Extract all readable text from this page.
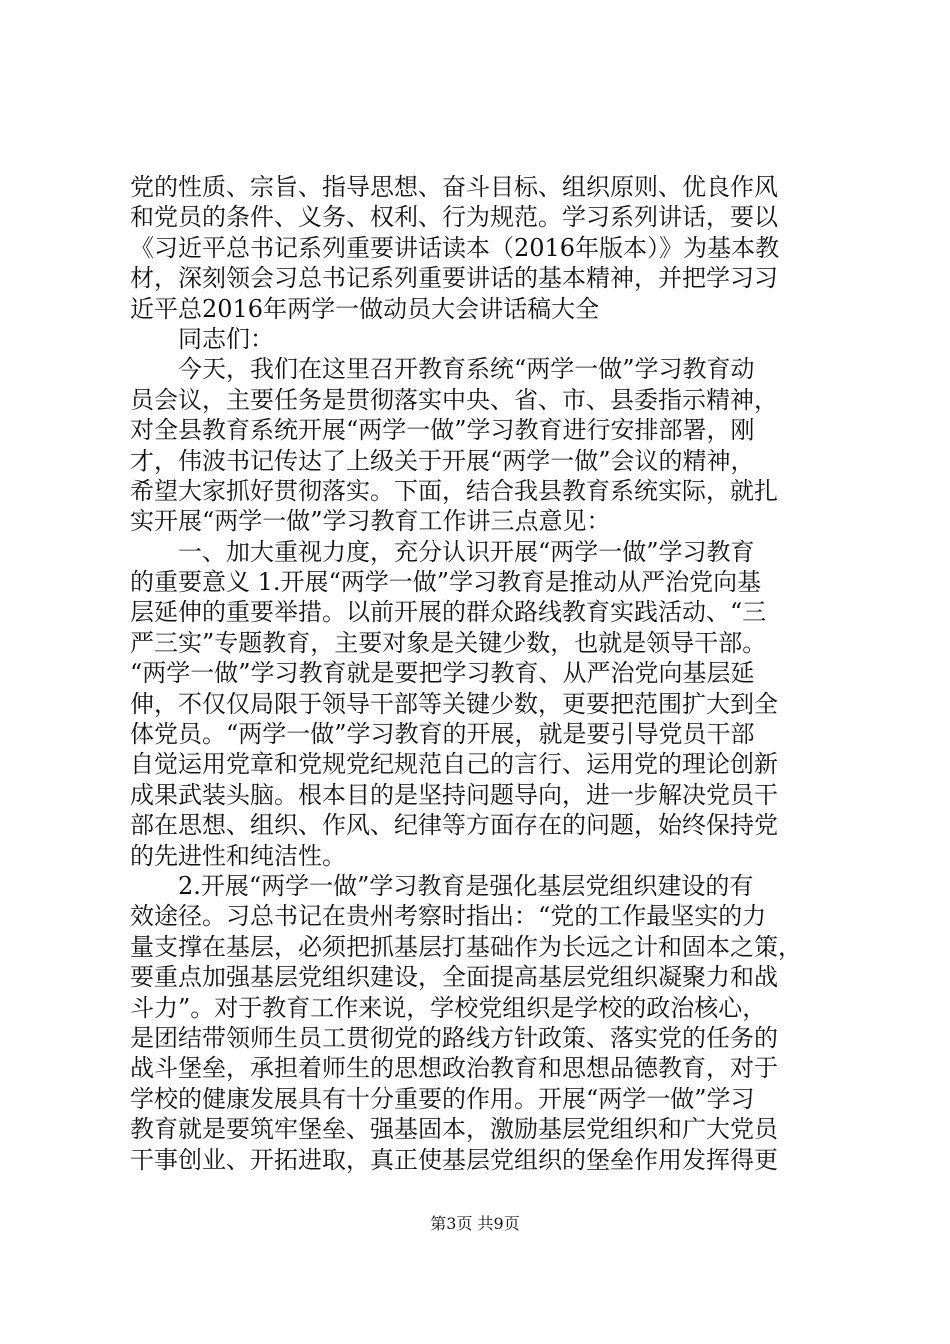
党的性质、宗旨、指导思想、奋斗目标、组织原则、优良作风
和党员的条件、义务、权利、行为规范。学习系列讲话，要以
《习近平总书记系列重要讲话读本（2016年版本）》为基本教
材，深刻领会习总书记系列重要讲话的基本精神，并把学习习
近平总2016年两学一做动员大会讲话稿大全
　　同志们：
　　今天，我们在这里召开教育系统“两学一做”学习教育动
员会议，主要任务是贯彻落实中央、省、市、县委指示精神，
对全县教育系统开展“两学一做”学习教育进行安排部署，刚
才，伟波书记传达了上级关于开展“两学一做”会议的精神，
希望大家抓好贯彻落实。下面，结合我县教育系统实际，就扎
实开展“两学一做”学习教育工作讲三点意见：
　　一、加大重视力度，充分认识开展“两学一做”学习教育
的重要意义 1.开展“两学一做”学习教育是推动从严治党向基
层延伸的重要举措。以前开展的群众路线教育实践活动、“三
严三实”专题教育，主要对象是关键少数，也就是领导干部。
“两学一做”学习教育就是要把学习教育、从严治党向基层延
伸，不仅仅局限于领导干部等关键少数，更要把范围扩大到全
体党员。“两学一做”学习教育的开展，就是要引导党员干部
自觉运用党章和党规党纪规范自己的言行、运用党的理论创新
成果武装头脑。根本目的是坚持问题导向，进一步解决党员干
部在思想、组织、作风、纪律等方面存在的问题，始终保持党
的先进性和纯洁性。
　　2.开展“两学一做”学习教育是强化基层党组织建设的有
效途径。习总书记在贵州考察时指出：“党的工作最坚实的力
量支撑在基层，必须把抓基层打基础作为长远之计和固本之策，
要重点加强基层党组织建设，全面提高基层党组织凝聚力和战
斗力”。对于教育工作来说，学校党组织是学校的政治核心，
是团结带领师生员工贯彻党的路线方针政策、落实党的任务的
战斗堡垒，承担着师生的思想政治教育和思想品德教育，对于
学校的健康发展具有十分重要的作用。开展“两学一做”学习
教育就是要筑牢堡垒、强基固本，激励基层党组织和广大党员
干事创业、开拓进取，真正使基层党组织的堡垒作用发挥得更
第3页 共9页
